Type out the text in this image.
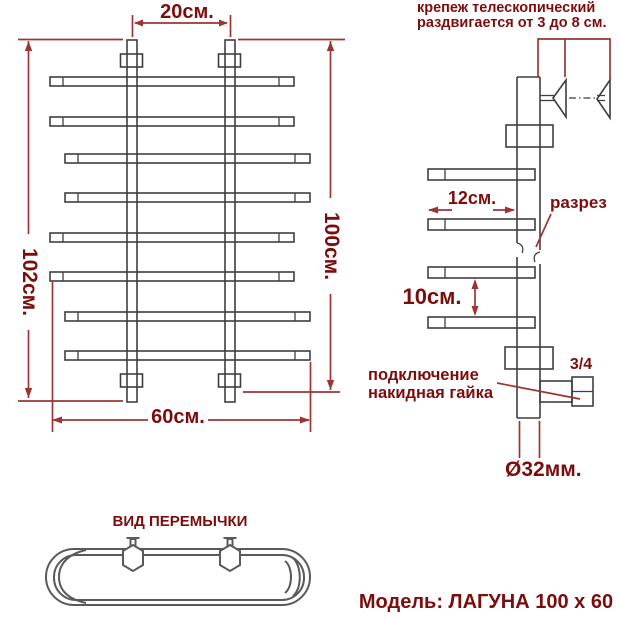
20см.
102см.
100см.
60см.
крепеж телескопический
раздвигается от 3 до 8 см.
12см.	разрез
10см.
подключение
накидная гайка
3/4
Ø32мм.
ВИД ПЕРЕМЫЧКИ
Модель: ЛАГУНА 100 x 60
